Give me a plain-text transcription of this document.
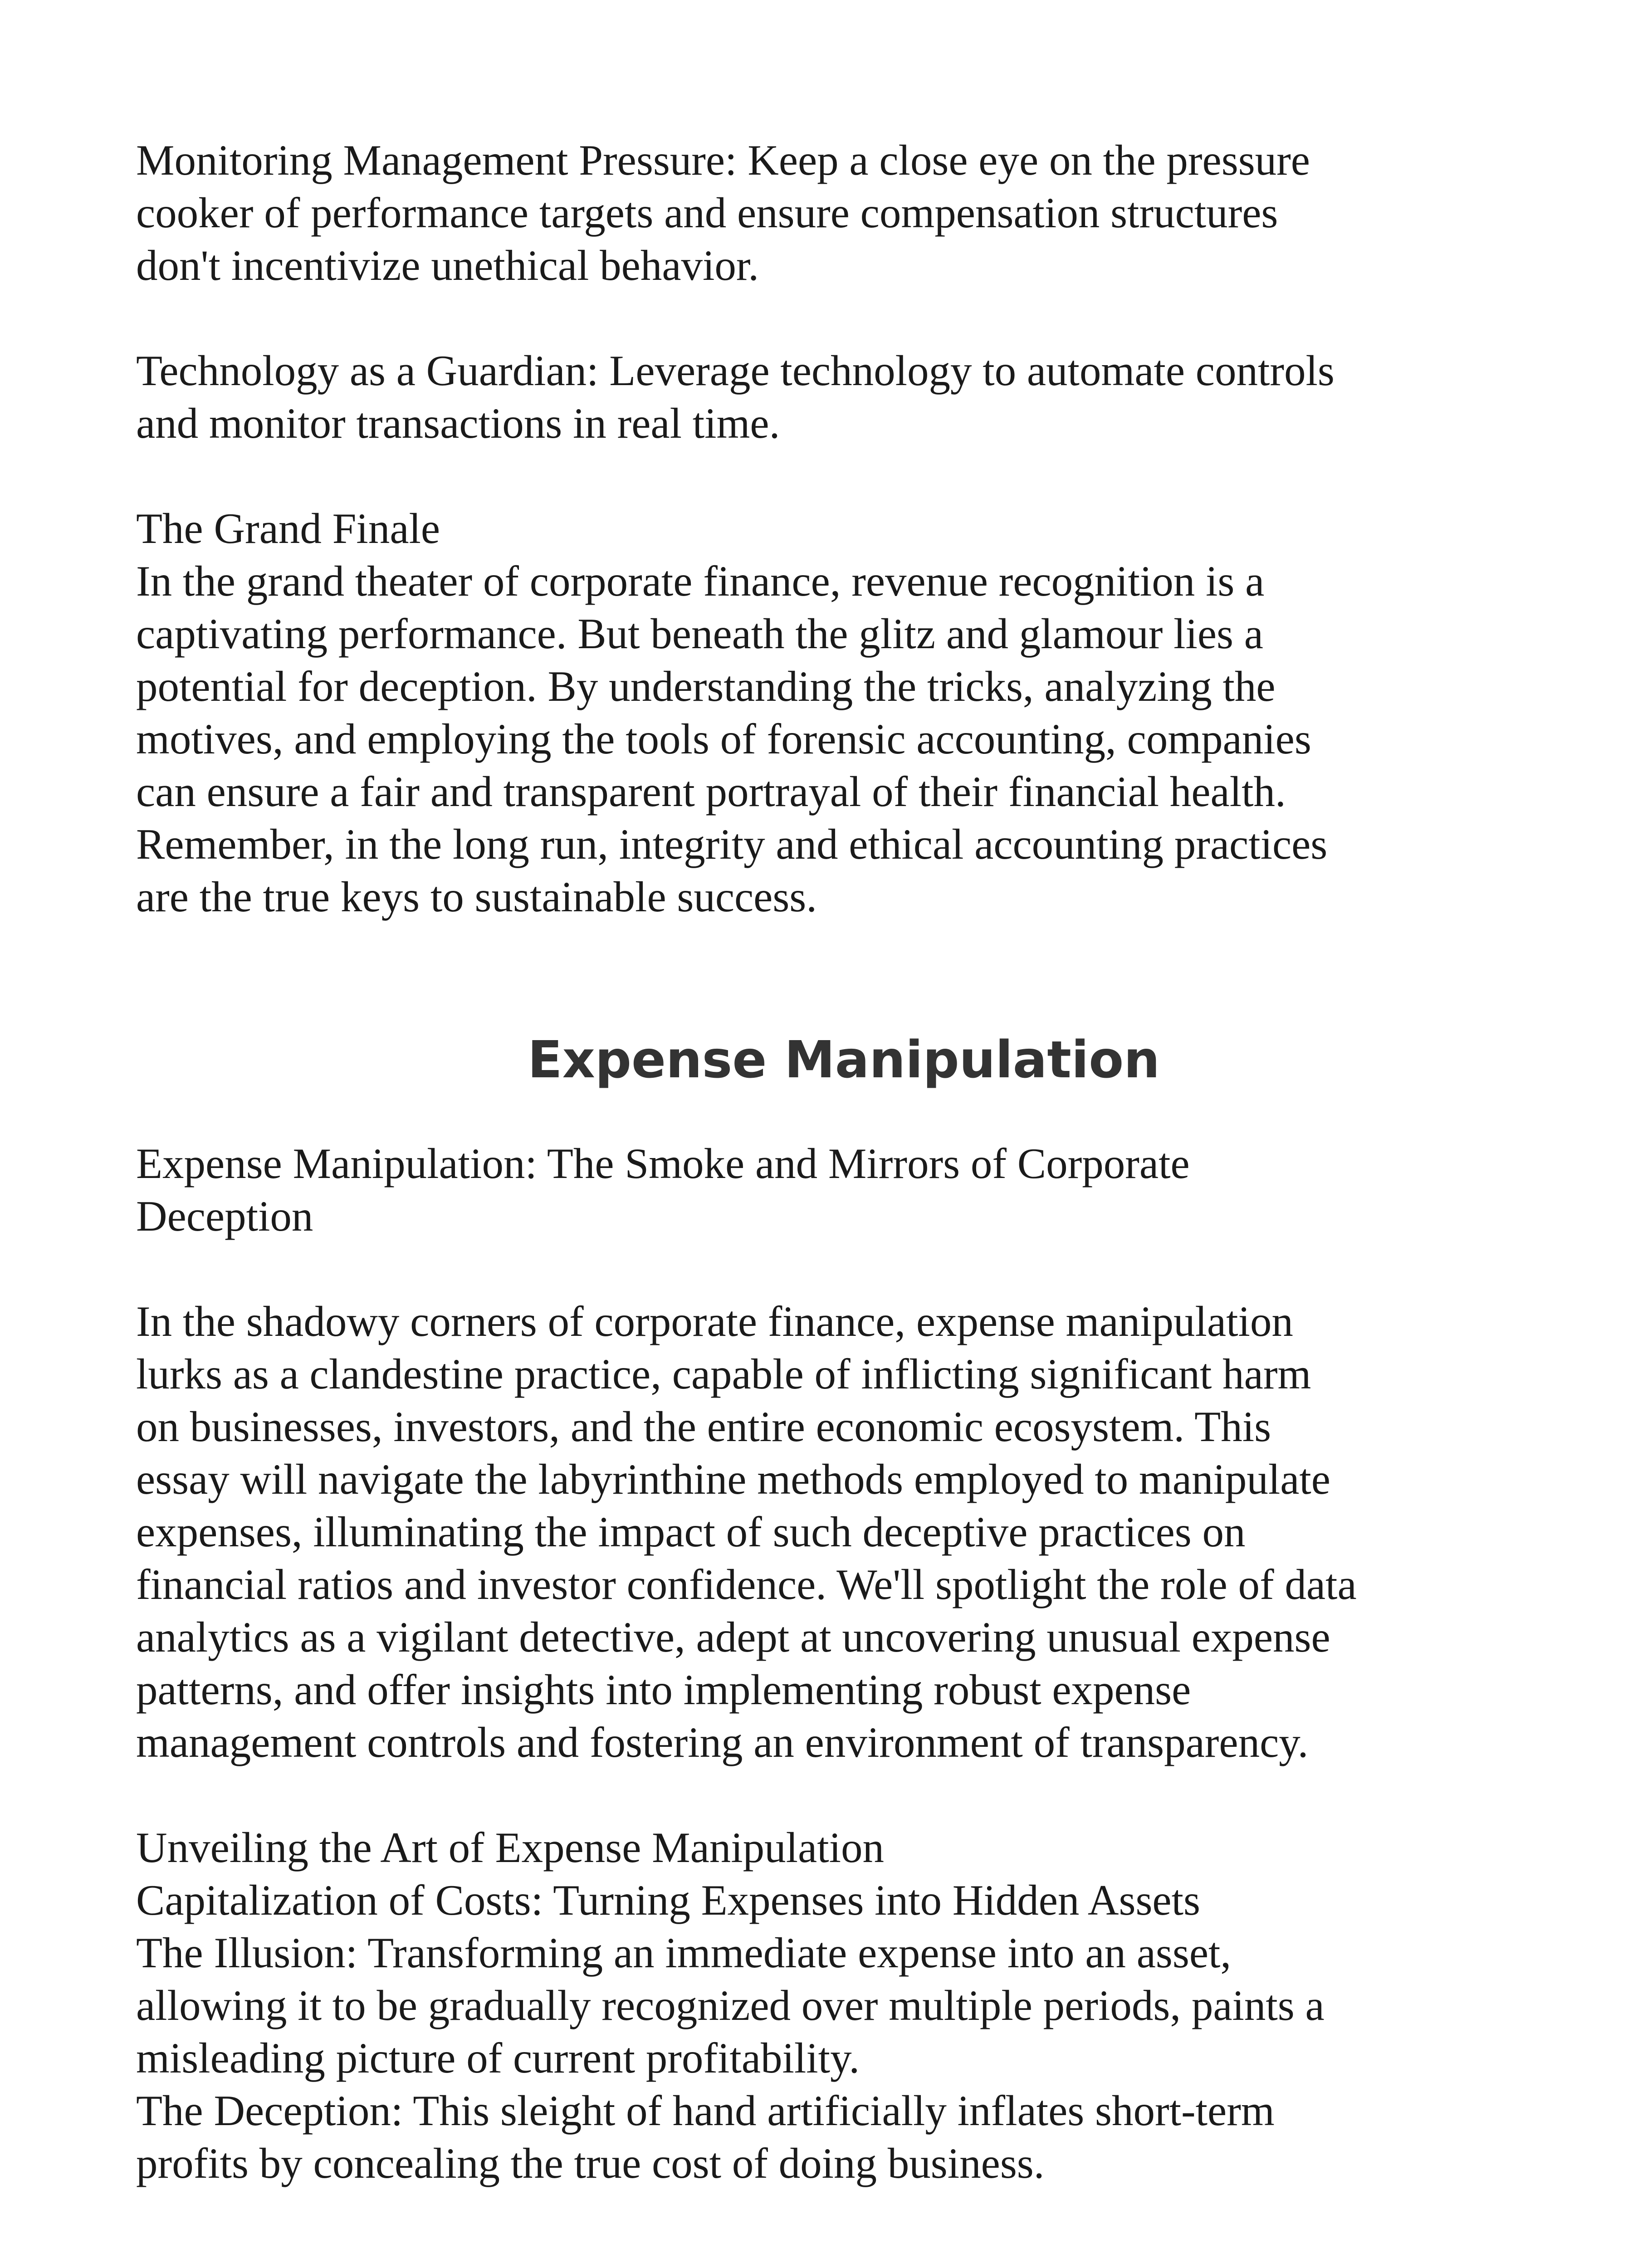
Monitoring Management Pressure: Keep a close eye on the pressure
cooker of performance targets and ensure compensation structures
don't incentivize unethical behavior.

Technology as a Guardian: Leverage technology to automate controls
and monitor transactions in real time.

The Grand Finale
In the grand theater of corporate finance, revenue recognition is a
captivating performance. But beneath the glitz and glamour lies a
potential for deception. By understanding the tricks, analyzing the
motives, and employing the tools of forensic accounting, companies
can ensure a fair and transparent portrayal of their financial health.
Remember, in the long run, integrity and ethical accounting practices
are the true keys to sustainable success.

Expense Manipulation

Expense Manipulation: The Smoke and Mirrors of Corporate
Deception

In the shadowy corners of corporate finance, expense manipulation
lurks as a clandestine practice, capable of inflicting significant harm
on businesses, investors, and the entire economic ecosystem. This
essay will navigate the labyrinthine methods employed to manipulate
expenses, illuminating the impact of such deceptive practices on
financial ratios and investor confidence. We'll spotlight the role of data
analytics as a vigilant detective, adept at uncovering unusual expense
patterns, and offer insights into implementing robust expense
management controls and fostering an environment of transparency.

Unveiling the Art of Expense Manipulation
Capitalization of Costs: Turning Expenses into Hidden Assets
The Illusion: Transforming an immediate expense into an asset,
allowing it to be gradually recognized over multiple periods, paints a
misleading picture of current profitability.
The Deception: This sleight of hand artificially inflates short-term
profits by concealing the true cost of doing business.
